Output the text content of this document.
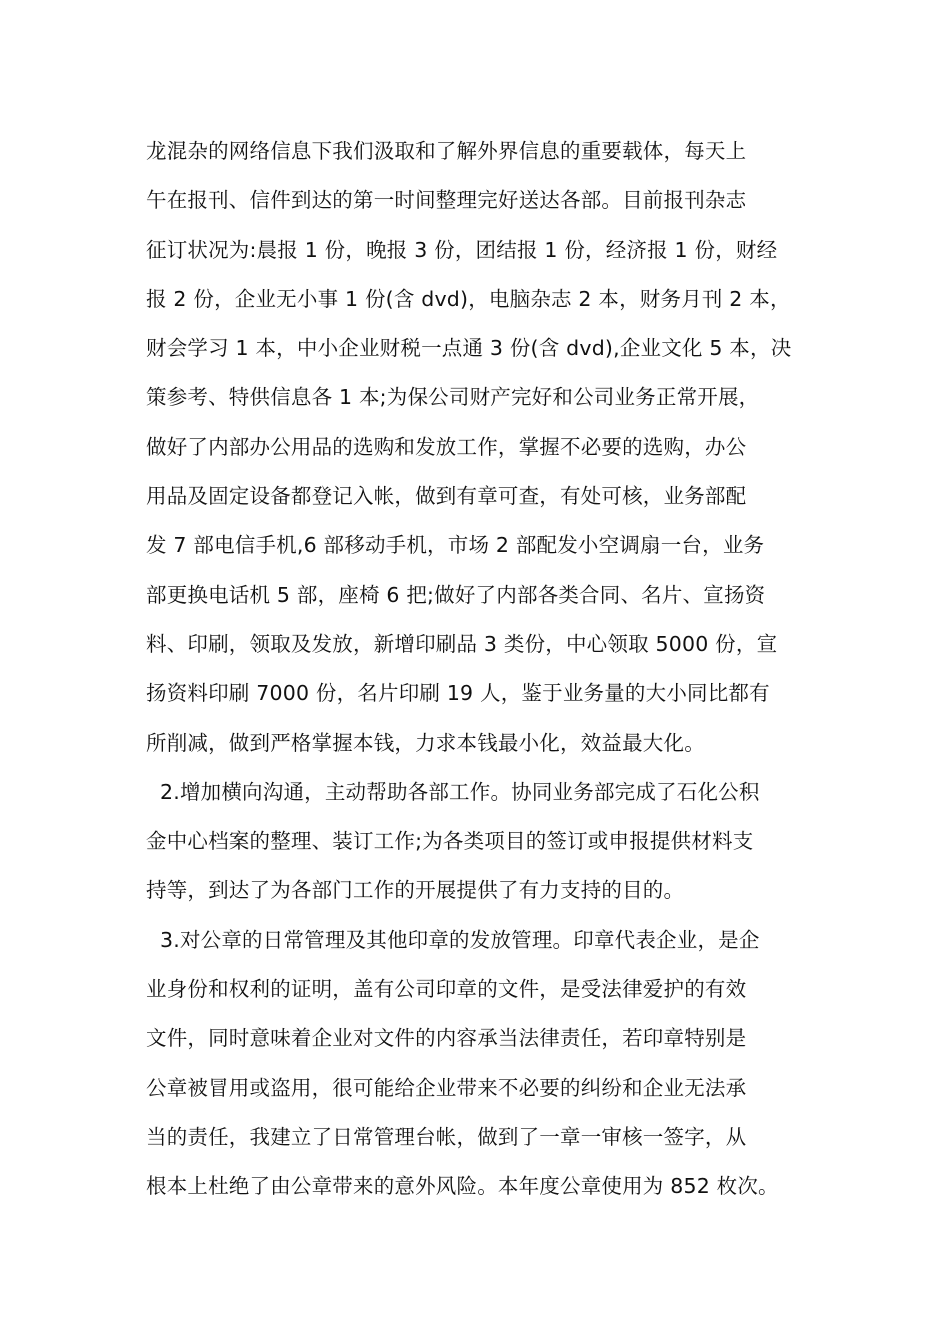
龙混杂的网络信息下我们汲取和了解外界信息的重要载体，每天上
午在报刊、信件到达的第一时间整理完好送达各部。目前报刊杂志
征订状况为:晨报 1 份，晚报 3 份，团结报 1 份，经济报 1 份，财经
报 2 份，企业无小事 1 份(含 dvd)，电脑杂志 2 本，财务月刊 2 本，
财会学习 1 本，中小企业财税一点通 3 份(含 dvd),企业文化 5 本，决
策参考、特供信息各 1 本;为保公司财产完好和公司业务正常开展，
做好了内部办公用品的选购和发放工作，掌握不必要的选购，办公
用品及固定设备都登记入帐，做到有章可查，有处可核，业务部配
发 7 部电信手机,6 部移动手机，市场 2 部配发小空调扇一台，业务
部更换电话机 5 部，座椅 6 把;做好了内部各类合同、名片、宣扬资
料、印刷，领取及发放，新增印刷品 3 类份，中心领取 5000 份，宣
扬资料印刷 7000 份，名片印刷 19 人，鉴于业务量的大小同比都有
所削减，做到严格掌握本钱，力求本钱最小化，效益最大化。
2.增加横向沟通，主动帮助各部工作。协同业务部完成了石化公积
金中心档案的整理、装订工作;为各类项目的签订或申报提供材料支
持等，到达了为各部门工作的开展提供了有力支持的目的。
3.对公章的日常管理及其他印章的发放管理。印章代表企业，是企
业身份和权利的证明，盖有公司印章的文件，是受法律爱护的有效
文件，同时意味着企业对文件的内容承当法律责任，若印章特别是
公章被冒用或盗用，很可能给企业带来不必要的纠纷和企业无法承
当的责任，我建立了日常管理台帐，做到了一章一审核一签字，从
根本上杜绝了由公章带来的意外风险。本年度公章使用为 852 枚次。
